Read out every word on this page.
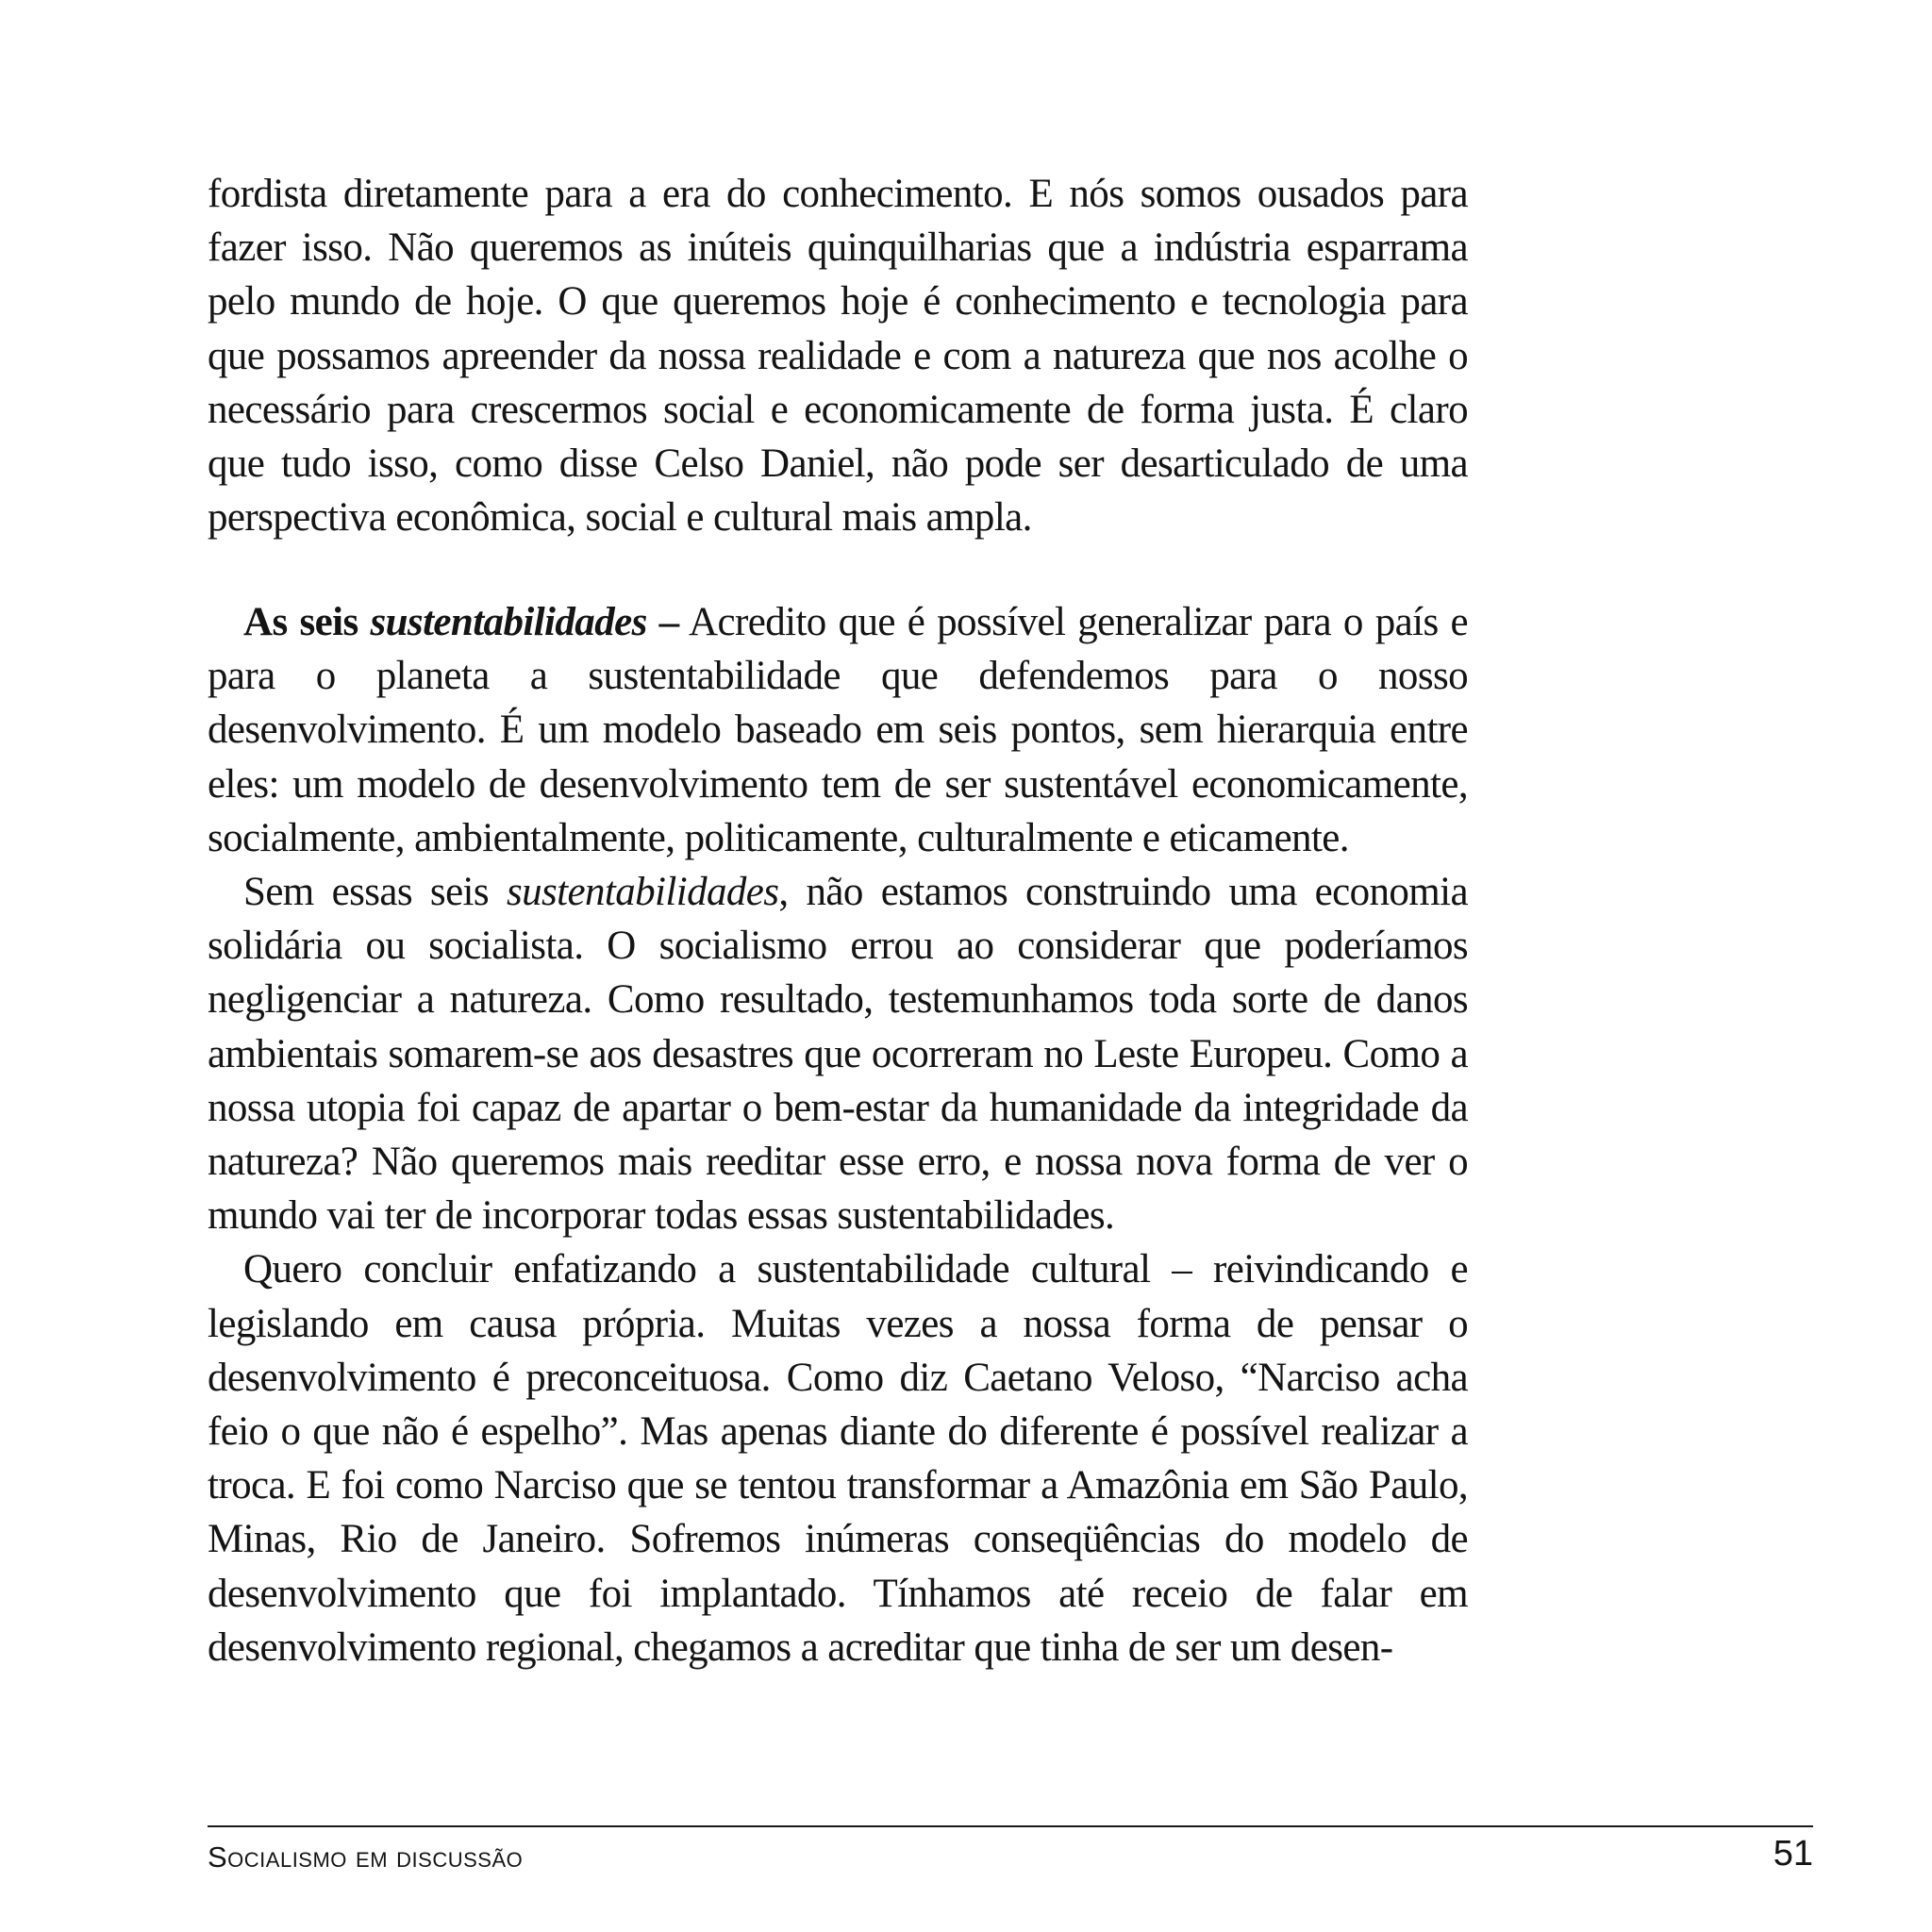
fordista diretamente para a era do conhecimento. E nós somos ousados para fazer isso. Não queremos as inúteis quinquilharias que a indústria esparrama pelo mundo de hoje. O que queremos hoje é conhecimento e tecnologia para que possamos apreender da nossa realidade e com a natureza que nos acolhe o necessário para crescermos social e economicamente de forma justa. É claro que tudo isso, como disse Celso Daniel, não pode ser desarticulado de uma perspectiva econômica, social e cultural mais ampla.

As seis sustentabilidades – Acredito que é possível generalizar para o país e para o planeta a sustentabilidade que defendemos para o nosso desenvolvimento. É um modelo baseado em seis pontos, sem hierarquia entre eles: um modelo de desenvolvimento tem de ser sustentável economicamente, socialmente, ambientalmente, politicamente, culturalmente e eticamente.

Sem essas seis sustentabilidades, não estamos construindo uma economia solidária ou socialista. O socialismo errou ao considerar que poderíamos negligenciar a natureza. Como resultado, testemunhamos toda sorte de danos ambientais somarem-se aos desastres que ocorreram no Leste Europeu. Como a nossa utopia foi capaz de apartar o bem-estar da humanidade da integridade da natureza? Não queremos mais reeditar esse erro, e nossa nova forma de ver o mundo vai ter de incorporar todas essas sustentabilidades.

Quero concluir enfatizando a sustentabilidade cultural – reivindicando e legislando em causa própria. Muitas vezes a nossa forma de pensar o desenvolvimento é preconceituosa. Como diz Caetano Veloso, “Narciso acha feio o que não é espelho”. Mas apenas diante do diferente é possível realizar a troca. E foi como Narciso que se tentou transformar a Amazônia em São Paulo, Minas, Rio de Janeiro. Sofremos inúmeras conseqüências do modelo de desenvolvimento que foi implantado. Tínhamos até receio de falar em desenvolvimento regional, chegamos a acreditar que tinha de ser um desen-

Socialismo em discussão	51
